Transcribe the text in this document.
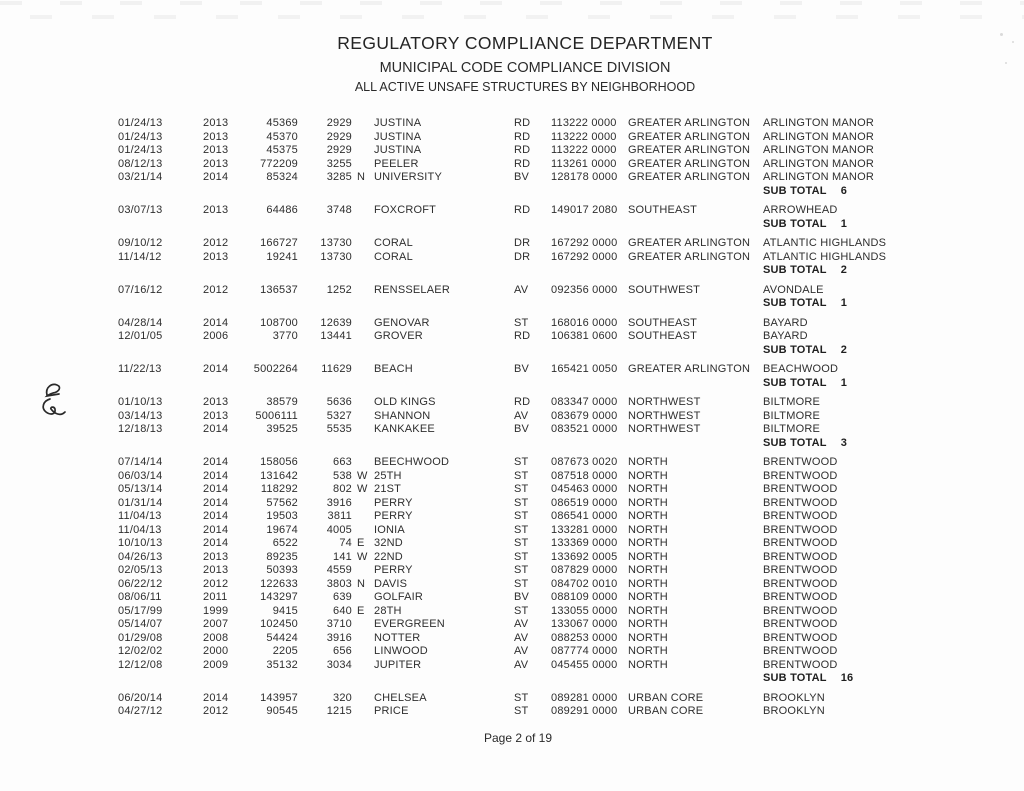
REGULATORY COMPLIANCE DEPARTMENT
MUNICIPAL CODE COMPLIANCE DIVISION
ALL ACTIVE UNSAFE STRUCTURES BY NEIGHBORHOOD
01/24/13	2013	45369	2929 JUSTINA	RD	113222 0000	GREATER ARLINGTON	ARLINGTON MANOR
01/24/13	2013	45370	2929 JUSTINA	RD	113222 0000	GREATER ARLINGTON	ARLINGTON MANOR
01/24/13	2013	45375	2929 JUSTINA	RD	113222 0000	GREATER ARLINGTON	ARLINGTON MANOR
08/12/13	2013	772209	3255 PEELER	RD	113261 0000	GREATER ARLINGTON	ARLINGTON MANOR
03/21/14	2014	85324	3285 N UNIVERSITY	BV	128178 0000 GREATER ARLINGTON	ARLINGTON MANOR
SUB TOTAL 6
03/07/13	2013	64486	3748 FOXCROFT	RD	149017 2080 SOUTHEAST	ARROWHEAD
SUB TOTAL 1
09/10/12	2012	166727	13730 CORAL	DR	167292 0000 GREATER ARLINGTON	ATLANTIC HIGHLANDS
11/14/12	2013	19241	13730 CORAL	DR	167292 0000 GREATER ARLINGTON	ATLANTIC HIGHLANDS
SUB TOTAL 2
07/16/12	2012	136537	1252 RENSSELAER	AV	092356 0000 SOUTHWEST	AVONDALE
SUB TOTAL 1
04/28/14	2014	108700	12639 GENOVAR	ST	168016 0000 SOUTHEAST	BAYARD
12/01/05	2006	3770	13441 GROVER	RD	106381 0600 SOUTHEAST	BAYARD
SUB TOTAL 2
11/22/13	2014	5002264	11629 BEACH	BV	165421 0050 GREATER ARLINGTON	BEACHWOOD
SUB TOTAL 1
01/10/13	2013	38579	5636 OLD KINGS	RD	083347 0000 NORTHWEST	BILTMORE
03/14/13	2013	5006111	5327 SHANNON	AV	083679 0000 NORTHWEST	BILTMORE
12/18/13	2014	39525	5535 KANKAKEE	BV	083521 0000 NORTHWEST	BILTMORE
SUB TOTAL 3
07/14/14	2014	158056	663 BEECHWOOD	ST	087673 0020 NORTH	BRENTWOOD
06/03/14	2014	131642	538 W 25TH	ST	087518 0000 NORTH	BRENTWOOD
05/13/14	2014	118292	802 W 21ST	ST	045463 0000 NORTH	BRENTWOOD
01/31/14	2014	57562	3916 PERRY	ST	086519 0000 NORTH	BRENTWOOD
11/04/13	2014	19503	3811 PERRY	ST	086541 0000 NORTH	BRENTWOOD
11/04/13	2014	19674	4005 IONIA	ST	133281 0000 NORTH	BRENTWOOD
10/10/13	2014	6522	74 E 32ND	ST	133369 0000 NORTH	BRENTWOOD
04/26/13	2013	89235	141 W 22ND	ST	133692 0005 NORTH	BRENTWOOD
02/05/13	2013	50393	4559 PERRY	ST	087829 0000 NORTH	BRENTWOOD
06/22/12	2012	122633	3803 N DAVIS	ST	084702 0010 NORTH	BRENTWOOD
08/06/11	2011	143297	639 GOLFAIR	BV	088109 0000 NORTH	BRENTWOOD
05/17/99	1999	9415	640 E 28TH	ST	133055 0000 NORTH	BRENTWOOD
05/14/07	2007	102450	3710 EVERGREEN	AV	133067 0000 NORTH	BRENTWOOD
01/29/08	2008	54424	3916 NOTTER	AV	088253 0000 NORTH	BRENTWOOD
12/02/02	2000	2205	656 LINWOOD	AV	087774 0000 NORTH	BRENTWOOD
12/12/08	2009	35132	3034 JUPITER	AV	045455 0000 NORTH	BRENTWOOD
SUB TOTAL 16
06/20/14	2014	143957	320 CHELSEA	ST	089281 0000 URBAN CORE	BROOKLYN
04/27/12	2012	90545	1215 PRICE	ST	089291 0000 URBAN CORE	BROOKLYN
Page 2 of 19
